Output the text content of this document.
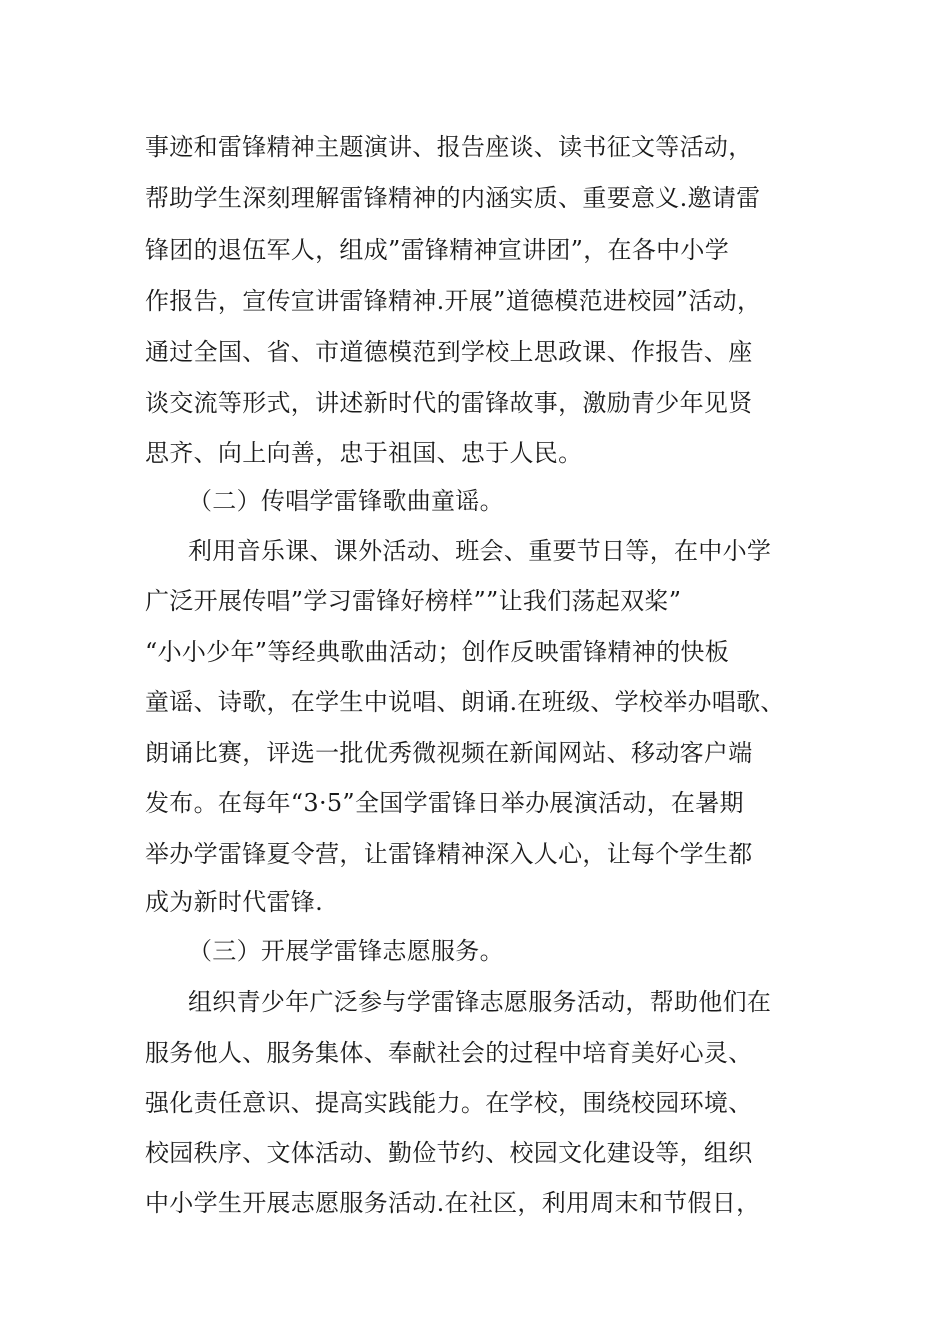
事迹和雷锋精神主题演讲、报告座谈、读书征文等活动，

帮助学生深刻理解雷锋精神的内涵实质、重要意义.邀请雷

锋团的退伍军人，组成”雷锋精神宣讲团”，在各中小学

作报告，宣传宣讲雷锋精神.开展”道德模范进校园”活动，

通过全国、省、市道德模范到学校上思政课、作报告、座

谈交流等形式，讲述新时代的雷锋故事，激励青少年见贤

思齐、向上向善，忠于祖国、忠于人民。

（二）传唱学雷锋歌曲童谣。

利用音乐课、课外活动、班会、重要节日等，在中小学

广泛开展传唱”学习雷锋好榜样””让我们荡起双桨”

“小小少年”等经典歌曲活动；创作反映雷锋精神的快板

童谣、诗歌，在学生中说唱、朗诵.在班级、学校举办唱歌、

朗诵比赛，评选一批优秀微视频在新闻网站、移动客户端

发布。在每年“3·5”全国学雷锋日举办展演活动，在暑期

举办学雷锋夏令营，让雷锋精神深入人心，让每个学生都

成为新时代雷锋.

（三）开展学雷锋志愿服务。

组织青少年广泛参与学雷锋志愿服务活动，帮助他们在

服务他人、服务集体、奉献社会的过程中培育美好心灵、

强化责任意识、提高实践能力。在学校，围绕校园环境、

校园秩序、文体活动、勤俭节约、校园文化建设等，组织

中小学生开展志愿服务活动.在社区，利用周末和节假日，
